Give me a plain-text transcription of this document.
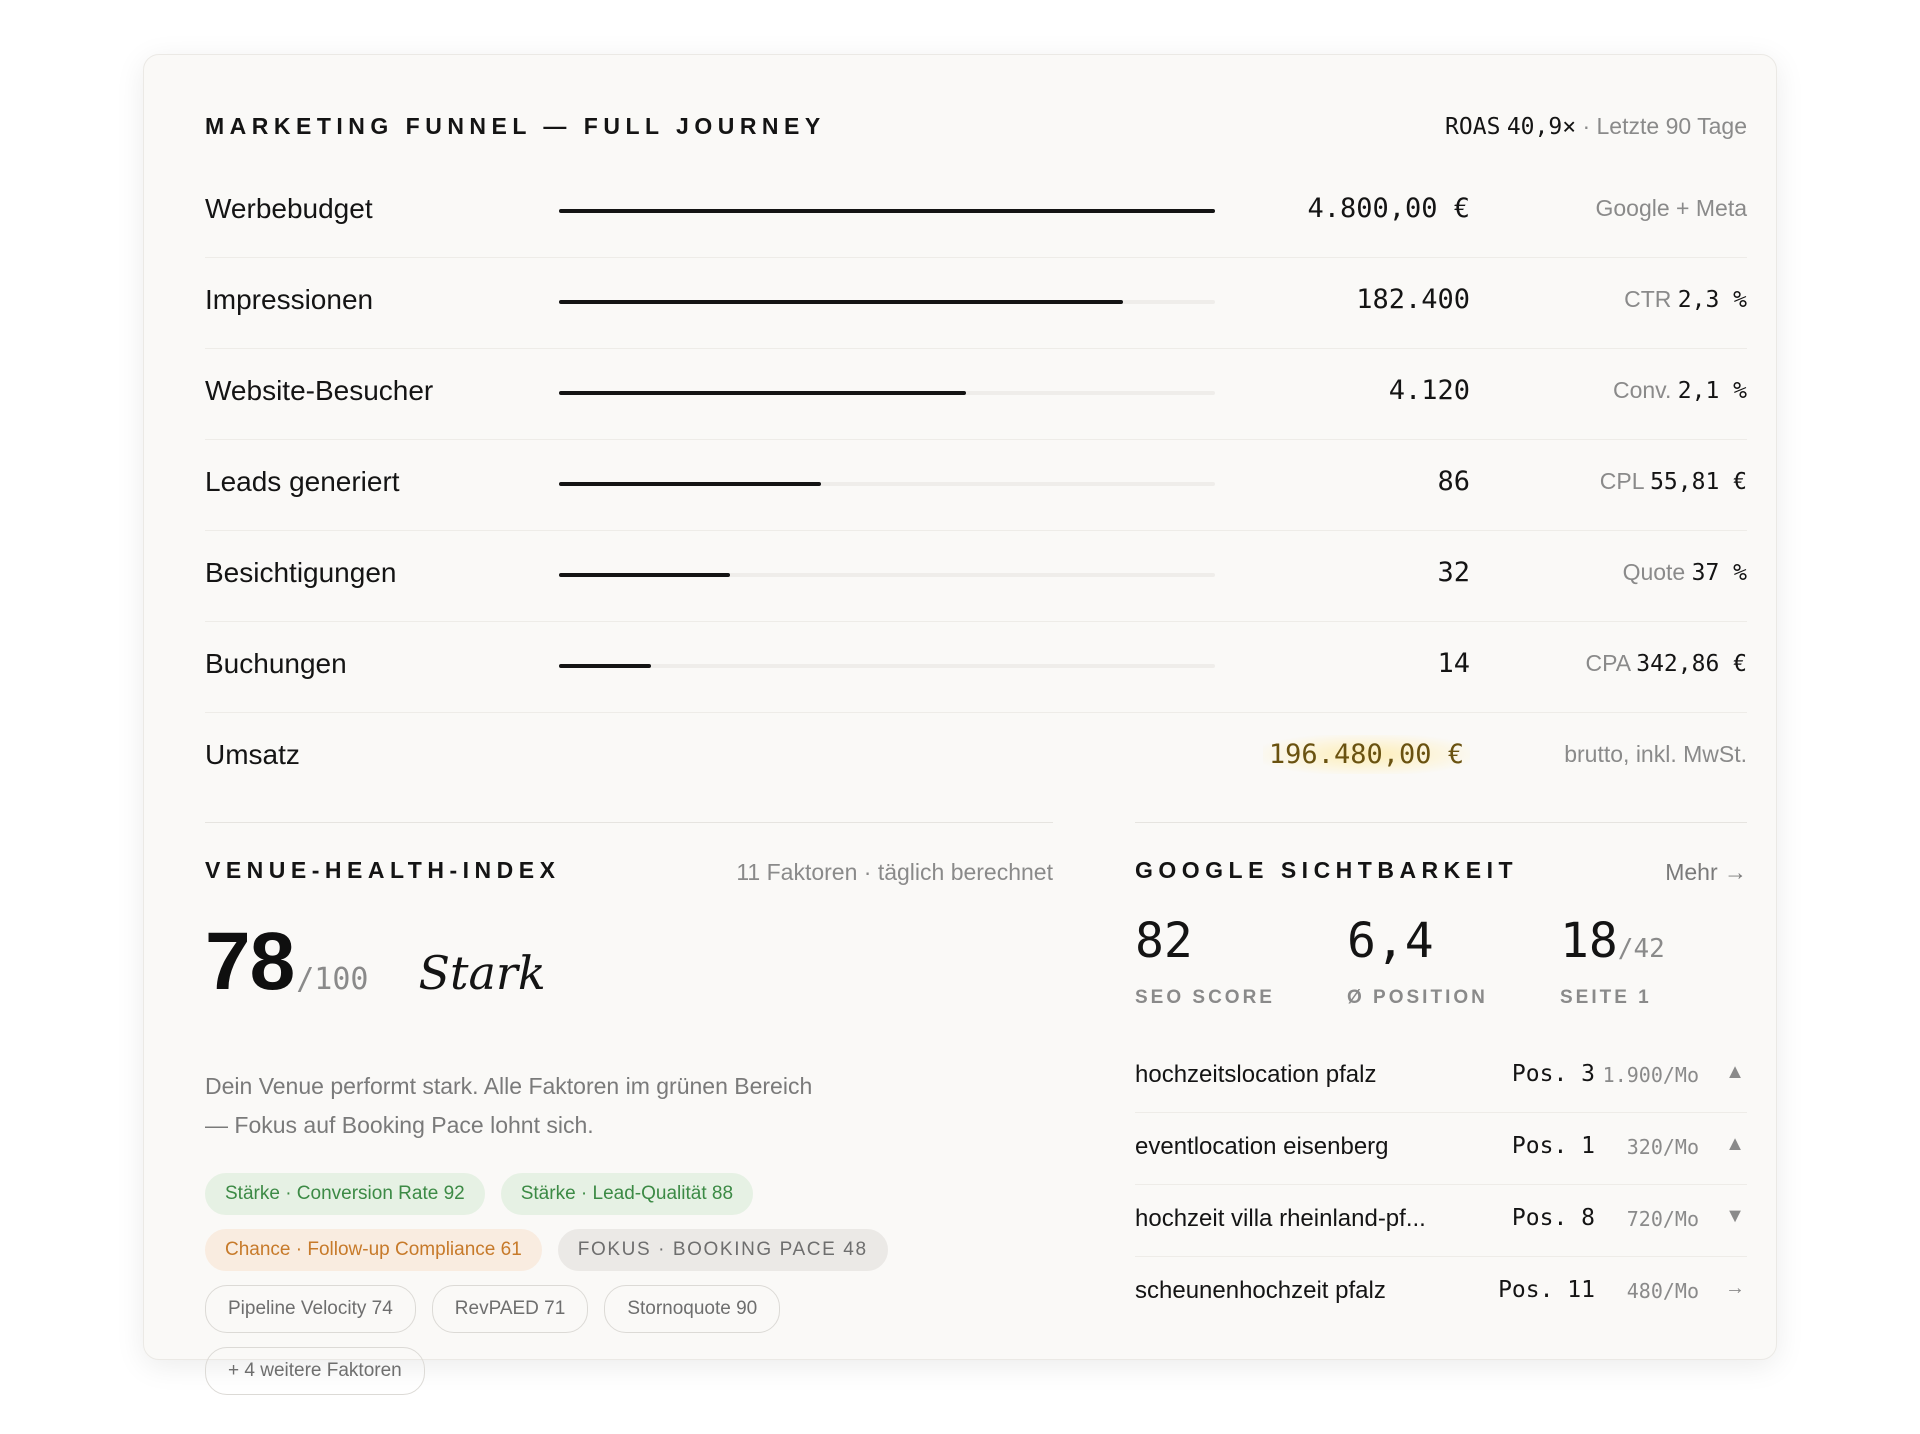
MARKETING FUNNEL — FULL JOURNEY	ROAS 40,9× · Letzte 90 Tage
Werbebudget	4.800,00 €	Google + Meta
Impressionen	182.400	CTR 2,3 %
Website-Besucher	4.120	Conv. 2,1 %
Leads generiert	86	CPL 55,81 €
Besichtigungen	32	Quote 37 %
Buchungen	14	CPA 342,86 €
Umsatz	196.480,00 €	brutto, inkl. MwSt.
VENUE-HEALTH-INDEX	11 Faktoren · täglich berechnet
78/100 Stark
Dein Venue performt stark. Alle Faktoren im grünen Bereich — Fokus auf Booking Pace lohnt sich.
Stärke · Conversion Rate 92	Stärke · Lead-Qualität 88
Chance · Follow-up Compliance 61	FOKUS · BOOKING PACE 48
Pipeline Velocity 74	RevPAED 71	Stornoquote 90
+ 4 weitere Faktoren
GOOGLE SICHTBARKEIT	Mehr →
82
SEO SCORE
6,4
Ø POSITION
18/42
SEITE 1
hochzeitslocation pfalz	Pos. 3 1.900/Mo ▲
eventlocation eisenberg	Pos. 1 320/Mo ▲
hochzeit villa rheinland-pf...	Pos. 8 720/Mo ▼
scheunenhochzeit pfalz	Pos. 11 480/Mo →
